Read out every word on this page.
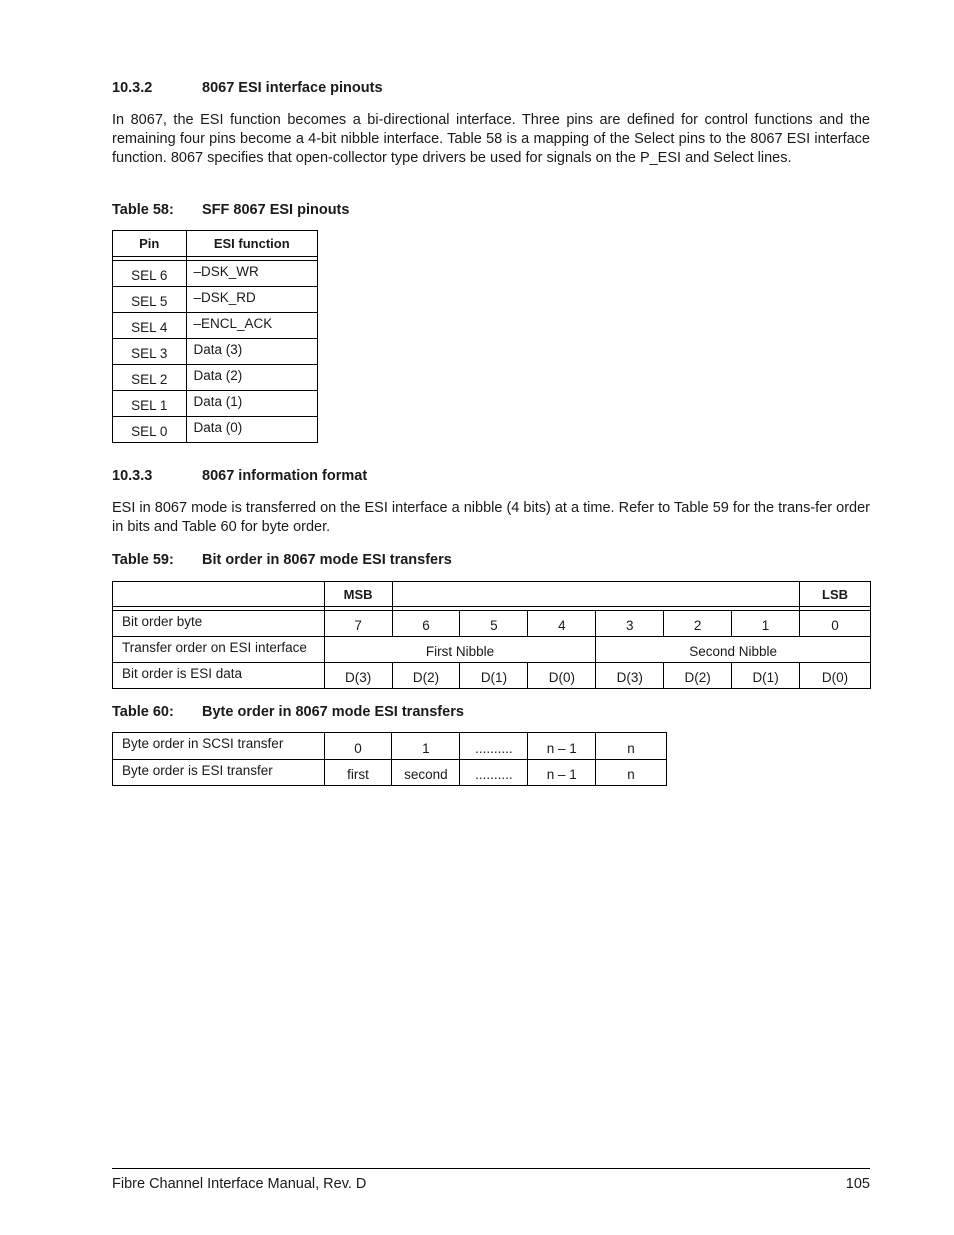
10.3.2	8067 ESI interface pinouts
In 8067, the ESI function becomes a bi-directional interface. Three pins are defined for control functions and the remaining four pins become a 4-bit nibble interface. Table 58 is a mapping of the Select pins to the 8067 ESI interface function. 8067 specifies that open-collector type drivers be used for signals on the P_ESI and Select lines.
Table 58: SFF 8067 ESI pinouts
Pin	ESI function

SEL 6	–DSK_WR
SEL 5	–DSK_RD
SEL 4	–ENCL_ACK
SEL 3	Data (3)
SEL 2	Data (2)
SEL 1	Data (1)
SEL 0	Data (0)
10.3.3	8067 information format
ESI in 8067 mode is transferred on the ESI interface a nibble (4 bits) at a time. Refer to Table 59 for the trans-fer order in bits and Table 60 for byte order.
Table 59: Bit order in 8067 mode ESI transfers
	MSB							LSB

Bit order byte	7	6	5	4	3	2	1	0
Transfer order on ESI interface	First Nibble				Second Nibble			
Bit order is ESI data	D(3)	D(2)	D(1)	D(0)	D(3)	D(2)	D(1)	D(0)
Table 60: Byte order in 8067 mode ESI transfers
Byte order in SCSI transfer	0	1	..........	n – 1	n
Byte order is ESI transfer	first	second	..........	n – 1	n
Fibre Channel Interface Manual, Rev. D	105
